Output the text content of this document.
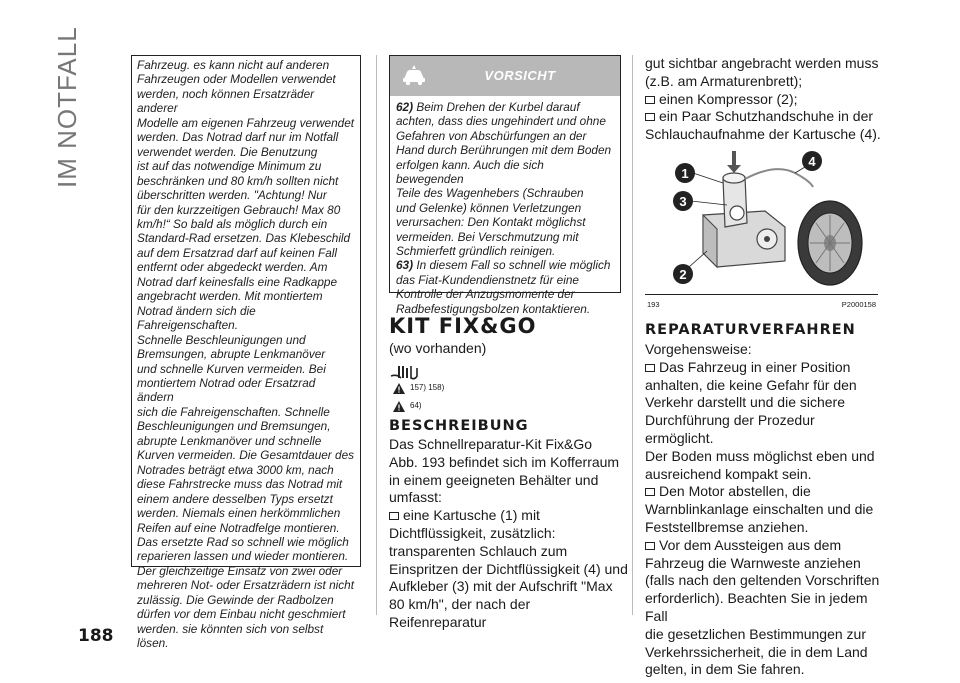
IM NOTFALL
188

Fahrzeug. es kann nicht auf anderen

Fahrzeugen oder Modellen verwendet

werden, noch können Ersatzräder anderer

Modelle am eigenen Fahrzeug verwendet

werden. Das Notrad darf nur im Notfall

verwendet werden. Die Benutzung

ist auf das notwendige Minimum zu

beschränken und 80 km/h sollten nicht

überschritten werden. "Achtung! Nur

für den kurzzeitigen Gebrauch! Max 80

km/h!“ So bald als möglich durch ein

Standard-Rad ersetzen. Das Klebeschild

auf dem Ersatzrad darf auf keinen Fall

entfernt oder abgedeckt werden. Am

Notrad darf keinesfalls eine Radkappe

angebracht werden. Mit montiertem

Notrad ändern sich die Fahreigenschaften.

Schnelle Beschleunigungen und

Bremsungen, abrupte Lenkmanöver

und schnelle Kurven vermeiden. Bei

montiertem Notrad oder Ersatzrad ändern

sich die Fahreigenschaften. Schnelle

Beschleunigungen und Bremsungen,

abrupte Lenkmanöver und schnelle

Kurven vermeiden. Die Gesamtdauer des

Notrades beträgt etwa 3000 km, nach

diese Fahrstrecke muss das Notrad mit

einem andere desselben Typs ersetzt

werden. Niemals einen herkömmlichen

Reifen auf eine Notradfelge montieren.

Das ersetzte Rad so schnell wie möglich

reparieren lassen und wieder montieren.

Der gleichzeitige Einsatz von zwei oder

mehreren Not- oder Ersatzrädern ist nicht

zulässig. Die Gewinde der Radbolzen

dürfen vor dem Einbau nicht geschmiert

werden. sie könnten sich von selbst lösen.

VORSICHT

62) Beim Drehen der Kurbel darauf

achten, dass dies ungehindert und ohne

Gefahren von Abschürfungen an der

Hand durch Berührungen mit dem Boden

erfolgen kann. Auch die sich bewegenden

Teile des Wagenhebers (Schrauben

und Gelenke) können Verletzungen

verursachen: Den Kontakt möglichst

vermeiden. Bei Verschmutzung mit

Schmierfett gründlich reinigen.

63) In diesem Fall so schnell wie möglich

das Fiat-Kundendienstnetz für eine

Kontrolle der Anzugsmomente der

Radbefestigungsbolzen kontaktieren.

KIT FIX&GO
(wo vorhanden)
157) 158)
64)
BESCHREIBUNG
Das Schnellreparatur-Kit Fix&Go
Abb. 193 befindet sich im Kofferraum
in einem geeigneten Behälter und
umfasst:
eine Kartusche (1) mit
Dichtflüssigkeit, zusätzlich:
transparenten Schlauch zum
Einspritzen der Dichtflüssigkeit (4) und
Aufkleber (3) mit der Aufschrift "Max
80 km/h", der nach der Reifenreparatur
gut sichtbar angebracht werden muss
(z.B. am Armaturenbrett);
einen Kompressor (2);
ein Paar Schutzhandschuhe in der
Schlauchaufnahme der Kartusche (4).
1
3
2
4
193	P2000158
REPARATURVERFAHREN
Vorgehensweise:
Das Fahrzeug in einer Position
anhalten, die keine Gefahr für den
Verkehr darstellt und die sichere
Durchführung der Prozedur ermöglicht.
Der Boden muss möglichst eben und
ausreichend kompakt sein.
Den Motor abstellen, die
Warnblinkanlage einschalten und die
Feststellbremse anziehen.
Vor dem Aussteigen aus dem
Fahrzeug die Warnweste anziehen
(falls nach den geltenden Vorschriften
erforderlich). Beachten Sie in jedem Fall
die gesetzlichen Bestimmungen zur
Verkehrssicherheit, die in dem Land
gelten, in dem Sie fahren.
